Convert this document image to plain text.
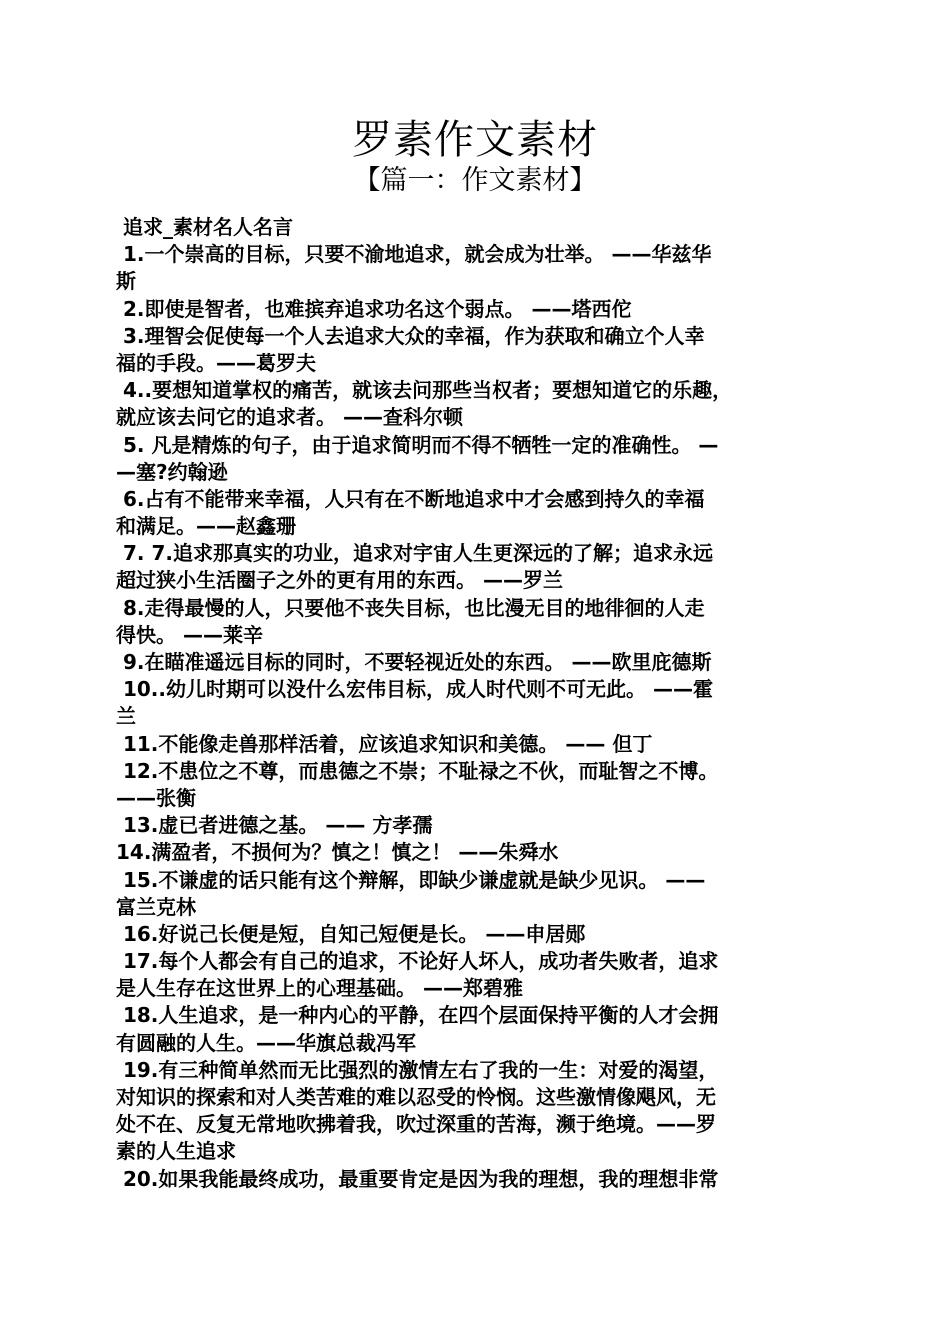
罗素作文素材
【篇一：作文素材】
追求_素材名人名言
1.一个崇高的目标，只要不渝地追求，就会成为壮举。 ——华兹华
斯
2.即使是智者，也难摈弃追求功名这个弱点。 ——塔西佗
3.理智会促使每一个人去追求大众的幸福，作为获取和确立个人幸
福的手段。——葛罗夫
4..要想知道掌权的痛苦，就该去问那些当权者；要想知道它的乐趣，
就应该去问它的追求者。 ——查科尔顿
5. 凡是精炼的句子，由于追求简明而不得不牺牲一定的准确性。 —
—塞?约翰逊
6.占有不能带来幸福，人只有在不断地追求中才会感到持久的幸福
和满足。——赵鑫珊
7. 7.追求那真实的功业，追求对宇宙人生更深远的了解；追求永远
超过狭小生活圈子之外的更有用的东西。 ——罗兰
8.走得最慢的人，只要他不丧失目标，也比漫无目的地徘徊的人走
得快。 ——莱辛
9.在瞄准遥远目标的同时，不要轻视近处的东西。 ——欧里庇德斯
10..幼儿时期可以没什么宏伟目标，成人时代则不可无此。 ——霍
兰
11.不能像走兽那样活着，应该追求知识和美德。 —— 但丁
12.不患位之不尊，而患德之不崇；不耻禄之不伙，而耻智之不博。
——张衡
13.虚已者进德之基。 —— 方孝孺
14.满盈者，不损何为？慎之！慎之！ ——朱舜水
15.不谦虚的话只能有这个辩解，即缺少谦虚就是缺少见识。 ——
富兰克林
16.好说己长便是短，自知己短便是长。 ——申居郧
17.每个人都会有自己的追求，不论好人坏人，成功者失败者，追求
是人生存在这世界上的心理基础。 ——郑碧雅
18.人生追求，是一种内心的平静，在四个层面保持平衡的人才会拥
有圆融的人生。——华旗总裁冯军
19.有三种简单然而无比强烈的激情左右了我的一生：对爱的渴望，
对知识的探索和对人类苦难的难以忍受的怜悯。这些激情像飓风，无
处不在、反复无常地吹拂着我，吹过深重的苦海，濒于绝境。——罗
素的人生追求
20.如果我能最终成功，最重要肯定是因为我的理想，我的理想非常
